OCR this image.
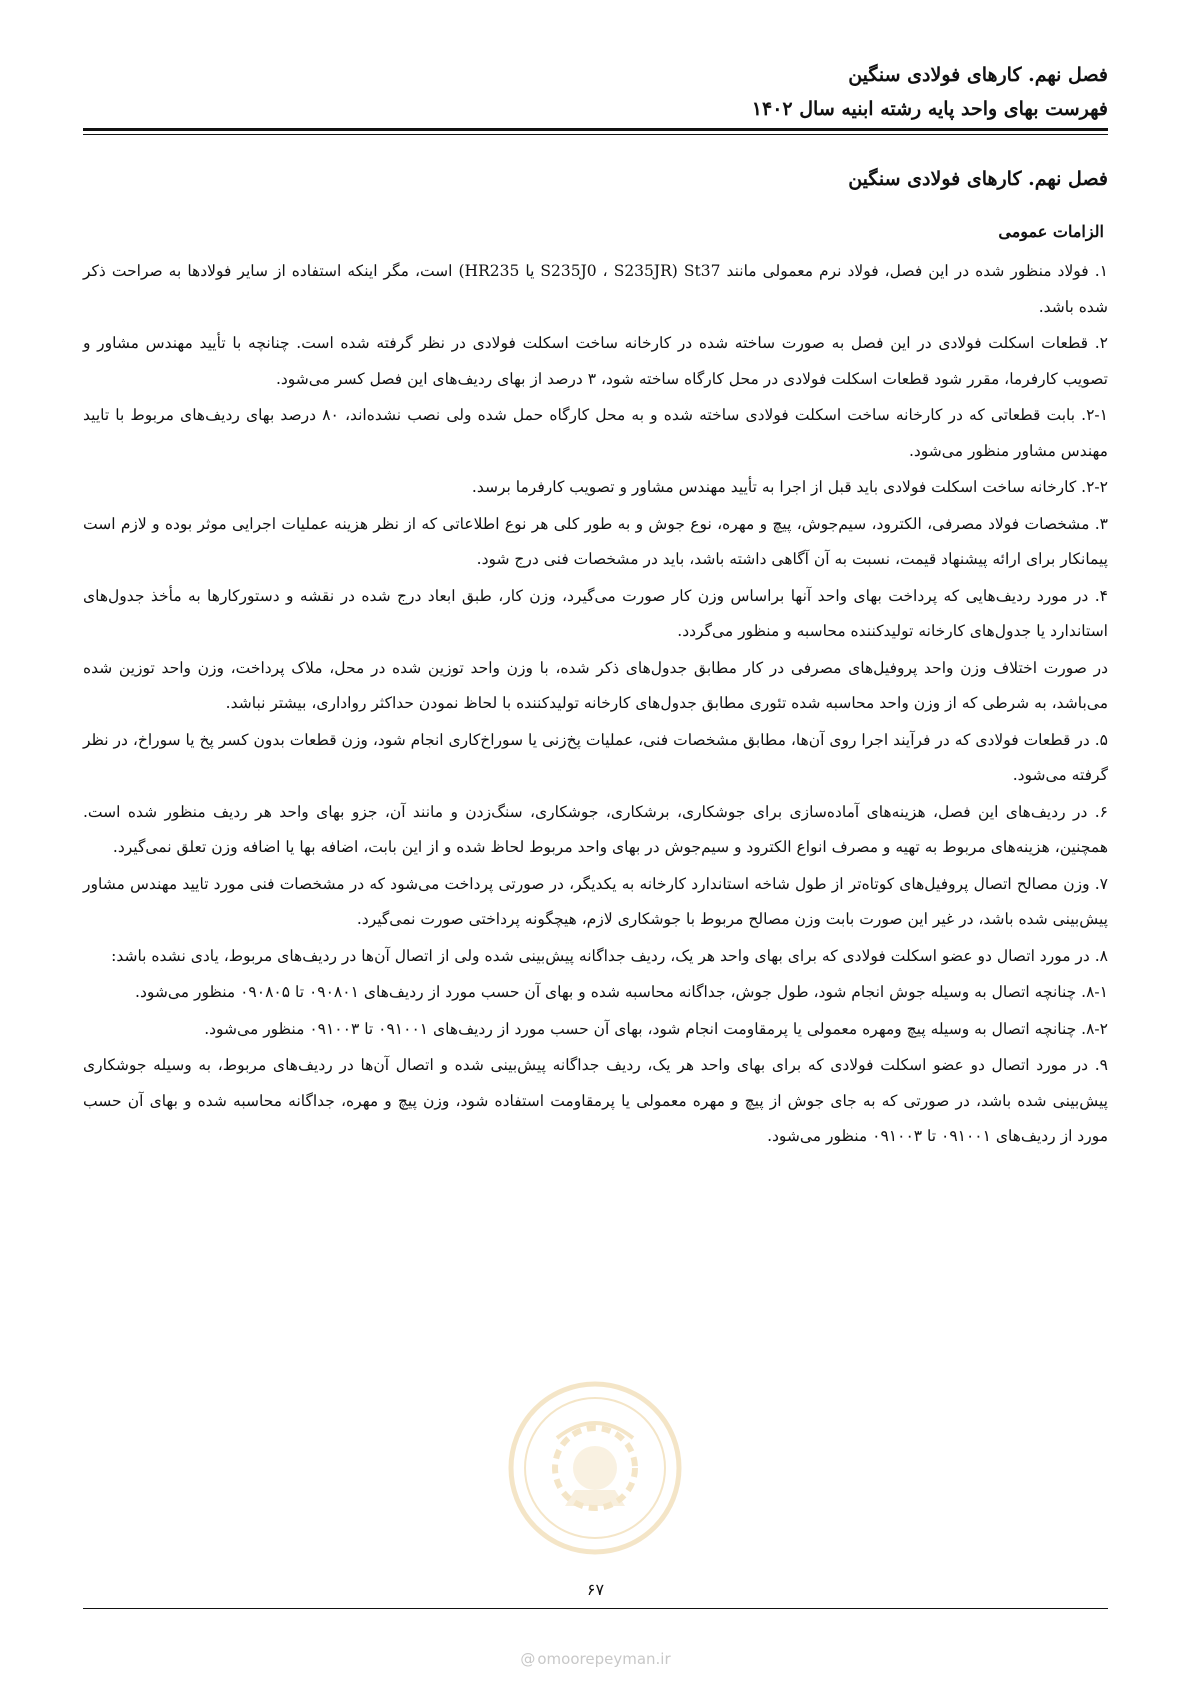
فصل نهم. کارهای فولادی سنگین
فهرست بهای واحد پایه رشته ابنیه سال ۱۴۰۲
فصل نهم. کارهای فولادی سنگین
الزامات عمومی

۱. فولاد منظور شده در این فصل، فولاد نرم معمولی مانند St37 (S235J0 ، S235JR یا HR235) است، مگر اینکه استفاده از سایر فولادها به صراحت ذکر شده باشد.

۲. قطعات اسکلت فولادی در این فصل به صورت ساخته شده در کارخانه ساخت اسکلت فولادی در نظر گرفته شده است. چنانچه با تأیید مهندس مشاور و تصویب کارفرما، مقرر شود قطعات اسکلت فولادی در محل کارگاه ساخته شود، ۳ درصد از بهای ردیف‌های این فصل کسر می‌شود.

۲-۱. بابت قطعاتی که در کارخانه ساخت اسکلت فولادی ساخته شده و به محل کارگاه حمل شده ولی نصب نشده‌اند، ۸۰ درصد بهای ردیف‌های مربوط با تایید مهندس مشاور منظور می‌شود.

۲-۲. کارخانه ساخت اسکلت فولادی باید قبل از اجرا به تأیید مهندس مشاور و تصویب کارفرما برسد.

۳. مشخصات فولاد مصرفی، الکترود، سیم‌جوش، پیچ و مهره، نوع جوش و به طور کلی هر نوع اطلاعاتی که از نظر هزینه عملیات اجرایی موثر بوده و لازم است پیمانکار برای ارائه پیشنهاد قیمت، نسبت به آن آگاهی داشته باشد، باید در مشخصات فنی درج شود.

۴. در مورد ردیف‌هایی که پرداخت بهای واحد آنها براساس وزن کار صورت می‌گیرد، وزن کار، طبق ابعاد درج شده در نقشه و دستورکارها به مأخذ جدول‌های استاندارد یا جدول‌های کارخانه تولیدکننده محاسبه و منظور می‌گردد.

در صورت اختلاف وزن واحد پروفیل‌های مصرفی در کار مطابق جدول‌های ذکر شده، با وزن واحد توزین شده در محل، ملاک پرداخت، وزن واحد توزین شده می‌باشد، به شرطی که از وزن واحد محاسبه شده تئوری مطابق جدول‌های کارخانه تولیدکننده با لحاظ نمودن حداکثر رواداری، بیشتر نباشد.

۵. در قطعات فولادی که در فرآیند اجرا روی آن‌ها، مطابق مشخصات فنی، عملیات پخ‌زنی یا سوراخ‌کاری انجام شود، وزن قطعات بدون کسر پخ یا سوراخ، در نظر گرفته می‌شود.

۶. در ردیف‌های این فصل، هزینه‌های آماده‌سازی برای جوشکاری، برشکاری، جوشکاری، سنگ‌زدن و مانند آن، جزو بهای واحد هر ردیف منظور شده است. همچنین، هزینه‌های مربوط به تهیه و مصرف انواع الکترود و سیم‌جوش در بهای واحد مربوط لحاظ شده و از این بابت، اضافه بها یا اضافه وزن تعلق نمی‌گیرد.

۷. وزن مصالح اتصال پروفیل‌های کوتاه‌تر از طول شاخه استاندارد کارخانه به یکدیگر، در صورتی پرداخت می‌شود که در مشخصات فنی مورد تایید مهندس مشاور پیش‌بینی شده باشد، در غیر این صورت بابت وزن مصالح مربوط با جوشکاری لازم، هیچگونه پرداختی صورت نمی‌گیرد.

۸. در مورد اتصال دو عضو اسکلت فولادی که برای بهای واحد هر یک، ردیف جداگانه پیش‌بینی شده ولی از اتصال آن‌ها در ردیف‌های مربوط، یادی نشده باشد:

۸-۱. چنانچه اتصال به وسیله جوش انجام شود، طول جوش، جداگانه محاسبه شده و بهای آن حسب مورد از ردیف‌های ۰۹۰۸۰۱ تا ۰۹۰۸۰۵ منظور می‌شود.

۸-۲. چنانچه اتصال به وسیله پیچ ومهره معمولی یا پرمقاومت انجام شود، بهای آن حسب مورد از ردیف‌های ۰۹۱۰۰۱ تا ۰۹۱۰۰۳ منظور می‌شود.

۹. در مورد اتصال دو عضو اسکلت فولادی که برای بهای واحد هر یک، ردیف جداگانه پیش‌بینی شده و اتصال آن‌ها در ردیف‌های مربوط، به وسیله جوشکاری پیش‌بینی شده باشد، در صورتی که به جای جوش از پیچ و مهره معمولی یا پرمقاومت استفاده شود، وزن پیچ و مهره، جداگانه محاسبه شده و بهای آن حسب مورد از ردیف‌های ۰۹۱۰۰۱ تا ۰۹۱۰۰۳ منظور می‌شود.

۶۷
@ omoorepeyman.ir
